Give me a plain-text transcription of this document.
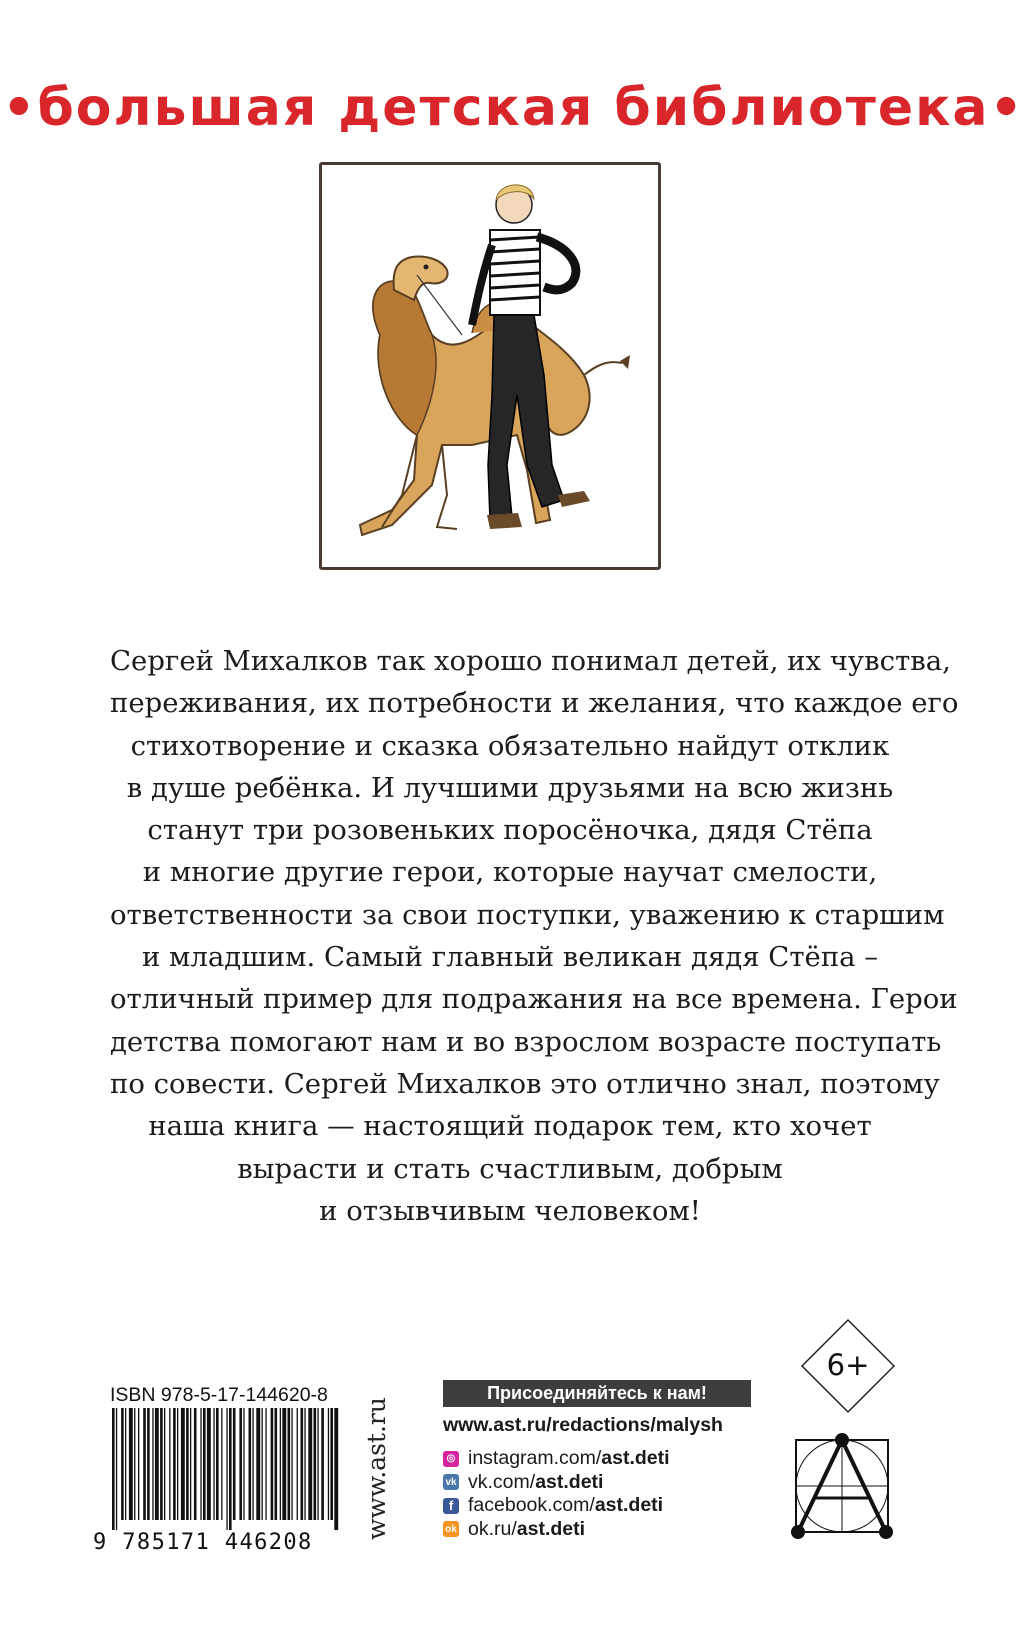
•большая детская библиотека•
Сергей Михалков так хорошо понимал детей, их чувства,
переживания, их потребности и желания, что каждое его
стихотворение и сказка обязательно найдут отклик
в душе ребёнка. И лучшими друзьями на всю жизнь
станут три розовеньких поросёночка, дядя Стёпа
и многие другие герои, которые научат смелости,
ответственности за свои поступки, уважению к старшим
и младшим. Самый главный великан дядя Стёпа –
отличный пример для подражания на все времена. Герои
детства помогают нам и во взрослом возрасте поступать
по совести. Сергей Михалков это отлично знал, поэтому
наша книга — настоящий подарок тем, кто хочет
вырасти и стать счастливым, добрым
и отзывчивым человеком!
ISBN 978-5-17-144620-8
9 785171 446208
www.ast.ru
Присоединяйтесь к нам!
www.ast.ru/redactions/malysh
◎ instagram.com/ ast.deti
vk vk.com/ ast.deti
f facebook.com/ ast.deti
ok ok.ru/ ast.deti
6+
